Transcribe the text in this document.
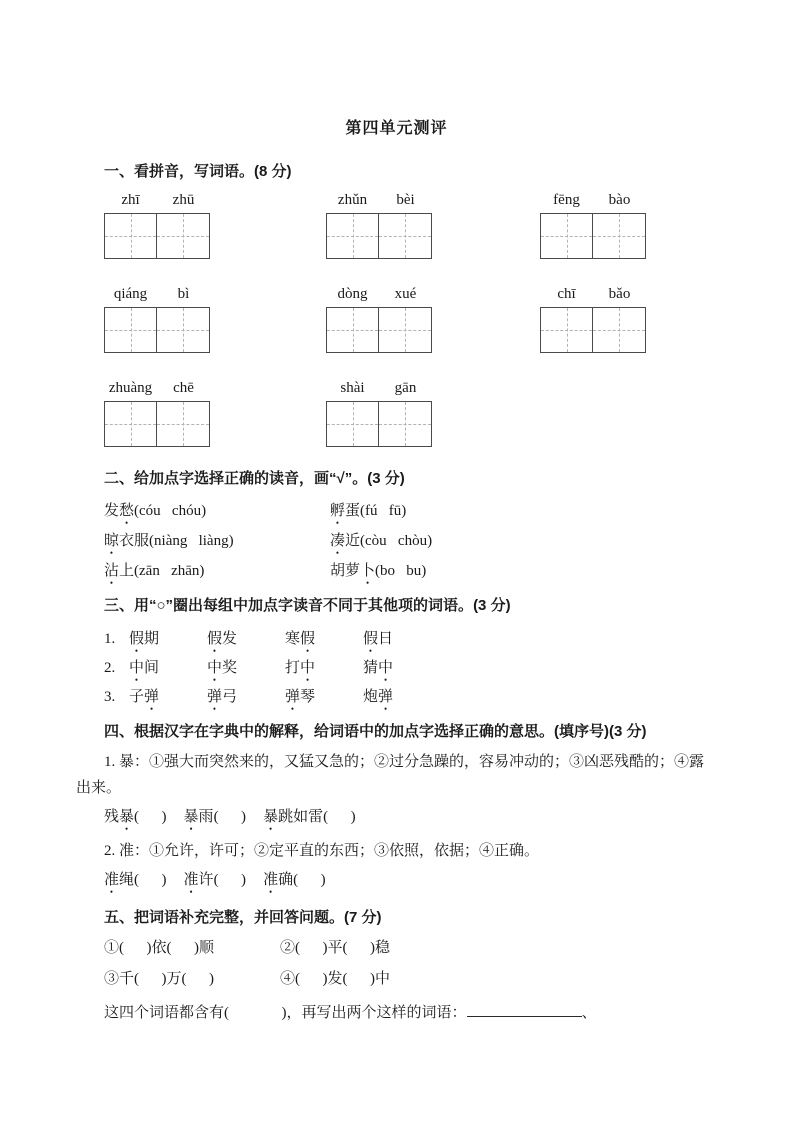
第四单元测评
一、看拼音，写词语。(8 分)
zhī	zhū	zhǔn	bèi	fēng	bào
qiáng	bì	dòng	xué	chī	bǎo
zhuàng	chē	shài	gān
二、给加点字选择正确的读音，画“√”。(3 分)
发愁(cóu   chóu)	孵蛋(fú   fū)
晾衣服(niàng   liàng)	凑近(còu   chòu)
沾上(zān   zhān)	胡萝卜(bo   bu)
三、用“○”圈出每组中加点字读音不同于其他项的词语。(3 分)
1. 假期	假发	寒假	假日
2. 中间	中奖	打中	猜中
3. 子弹	弹弓	弹琴	炮弹
四、根据汉字在字典中的解释，给词语中的加点字选择正确的意思。(填序号)(3 分)
1. 暴：①强大而突然来的，又猛又急的；②过分急躁的，容易冲动的；③凶恶残酷的；④露出来。
残暴(      ) 暴雨(      ) 暴跳如雷(      )
2. 准：①允许，许可；②定平直的东西；③依照，依据；④正确。
准绳(      ) 准许(      ) 准确(      )
五、把词语补充完整，并回答问题。(7 分)
①(      )依(      )顺	②(      )平(      )稳
③千(      )万(      )	④(      )发(      )中
这四个词语都含有(              )，再写出两个这样的词语：	、
